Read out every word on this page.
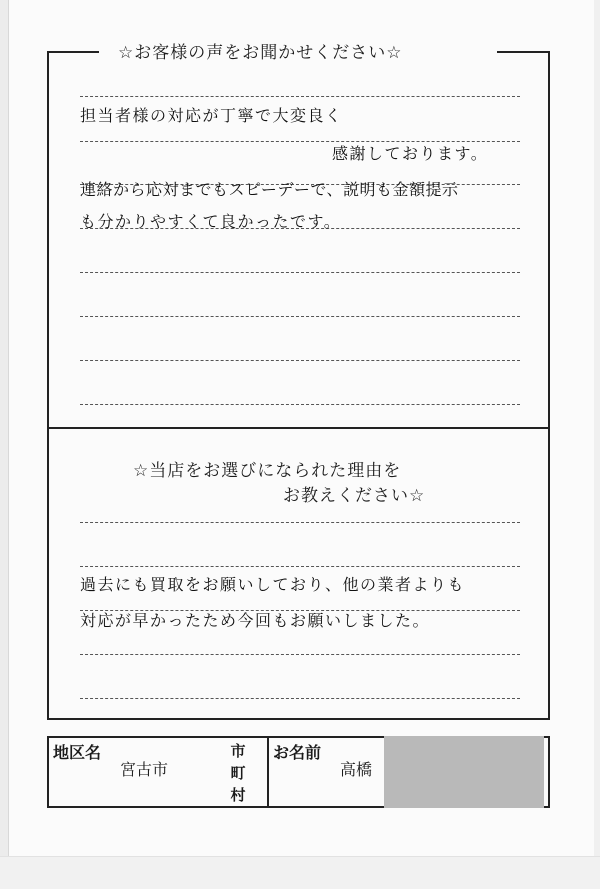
☆お客様の声をお聞かせください☆
担当者様の対応が丁寧で大変良く
感謝しております。
連絡から応対までもスピーデーで、説明も金額提示
も分かりやすくて良かったです。
☆当店をお選びになられた理由を
お教えください☆
過去にも買取をお願いしており、他の業者よりも
対応が早かったため今回もお願いしました。
地区名
宮古市
市
町
村
お名前
高橋
